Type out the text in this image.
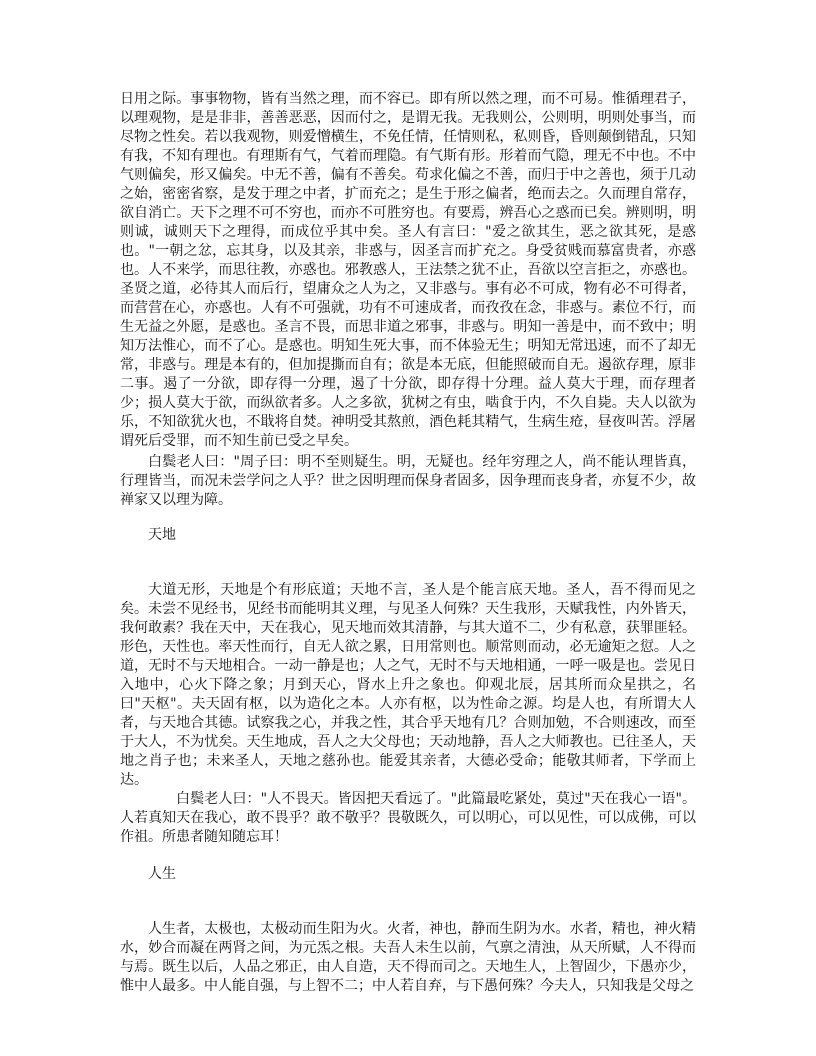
日用之际。事事物物，皆有当然之理，而不容已。即有所以然之理，而不可易。惟循理君子，以理观物，是是非非，善善恶恶，因而付之，是谓无我。无我则公，公则明，明则处事当，而尽物之性矣。若以我观物，则爱憎横生，不免任情，任情则私，私则昏，昏则颠倒错乱，只知有我，不知有理也。有理斯有气，气着而理隐。有气斯有形。形着而气隐，理无不中也。不中气则偏矣，形又偏矣。中无不善，偏有不善矣。苟求化偏之不善，而归于中之善也，须于几动之始，密密省察，是发于理之中者，扩而充之；是生于形之偏者，绝而去之。久而理自常存，欲自消亡。天下之理不可不穷也，而亦不可胜穷也。有要焉，辨吾心之惑而已矣。辨则明，明则诚，诚则天下之理得，而成位乎其中矣。圣人有言曰："爱之欲其生，恶之欲其死，是惑也。"一朝之忿，忘其身，以及其亲，非惑与，因圣言而扩充之。身受贫贱而慕富贵者，亦惑也。人不来学，而思往教，亦惑也。邪教惑人，王法禁之犹不止，吾欲以空言拒之，亦惑也。圣贤之道，必待其人而后行，望庸众之人为之，又非惑与。事有必不可成，物有必不可得者，而营营在心，亦惑也。人有不可强就，功有不可速成者，而孜孜在念，非惑与。素位不行，而生无益之外愿，是惑也。圣言不畏，而思非道之邪事，非惑与。明知一善是中，而不致中；明知万法惟心，而不了心。是惑也。明知生死大事，而不体验无生；明知无常迅速，而不了却无常，非惑与。理是本有的，但加提撕而自有；欲是本无底，但能照破而自无。遏欲存理，原非二事。遏了一分欲，即存得一分理，遏了十分欲，即存得十分理。益人莫大于理，而存理者少；损人莫大于欲，而纵欲者多。人之多欲，犹树之有虫，啮食于内，不久自毙。夫人以欲为乐，不知欲犹火也，不戢将自焚。神明受其熬煎，酒色耗其精气，生病生疮，昼夜叫苦。浮屠谓死后受罪，而不知生前已受之早矣。

白鬓老人曰："周子曰：明不至则疑生。明，无疑也。经年穷理之人，尚不能认理皆真，行理皆当，而况未尝学问之人乎？世之因明理而保身者固多，因争理而丧身者，亦复不少，故禅家又以理为障。

天地

大道无形，天地是个有形底道；天地不言，圣人是个能言底天地。圣人，吾不得而见之矣。未尝不见经书，见经书而能明其义理，与见圣人何殊？天生我形，天赋我性，内外皆天，我何敢素？我在天中，天在我心，见天地而效其清静，与其大道不二，少有私意，获罪匪轻。形色，天性也。率天性而行，自无人欲之累，日用常则也。顺常则而动，必无逾矩之愆。人之道，无时不与天地相合。一动一静是也；人之气，无时不与天地相通，一呼一吸是也。尝见日入地中，心火下降之象；月到天心，肾水上升之象也。仰观北辰，居其所而众星拱之，名曰"天枢"。夫天固有枢，以为造化之本。人亦有枢，以为性命之源。均是人也，有所谓大人者，与天地合其德。试察我之心，并我之性，其合乎天地有几？合则加勉，不合则速改，而至于大人，不为忧矣。天生地成，吾人之大父母也；天动地静，吾人之大师教也。已往圣人，天地之肖子也；未来圣人，天地之慈孙也。能爱其亲者，大德必受命；能敬其师者，下学而上达。

白鬓老人曰："人不畏天。皆因把天看远了。"此篇最吃紧处，莫过"天在我心一语"。人若真知天在我心，敢不畏乎？敢不敬乎？畏敬既久，可以明心，可以见性，可以成佛，可以作祖。所患者随知随忘耳！

人生

人生者，太极也，太极动而生阳为火。火者，神也，静而生阴为水。水者，精也，神火精水，妙合而凝在两肾之间，为元炁之根。夫吾人未生以前，气禀之清浊，从天所赋，人不得而与焉。既生以后，人品之邪正，由人自造，天不得而司之。天地生人，上智固少，下愚亦少，惟中人最多。中人能自强，与上智不二；中人若自弃，与下愚何殊？今夫人，只知我是父母之
